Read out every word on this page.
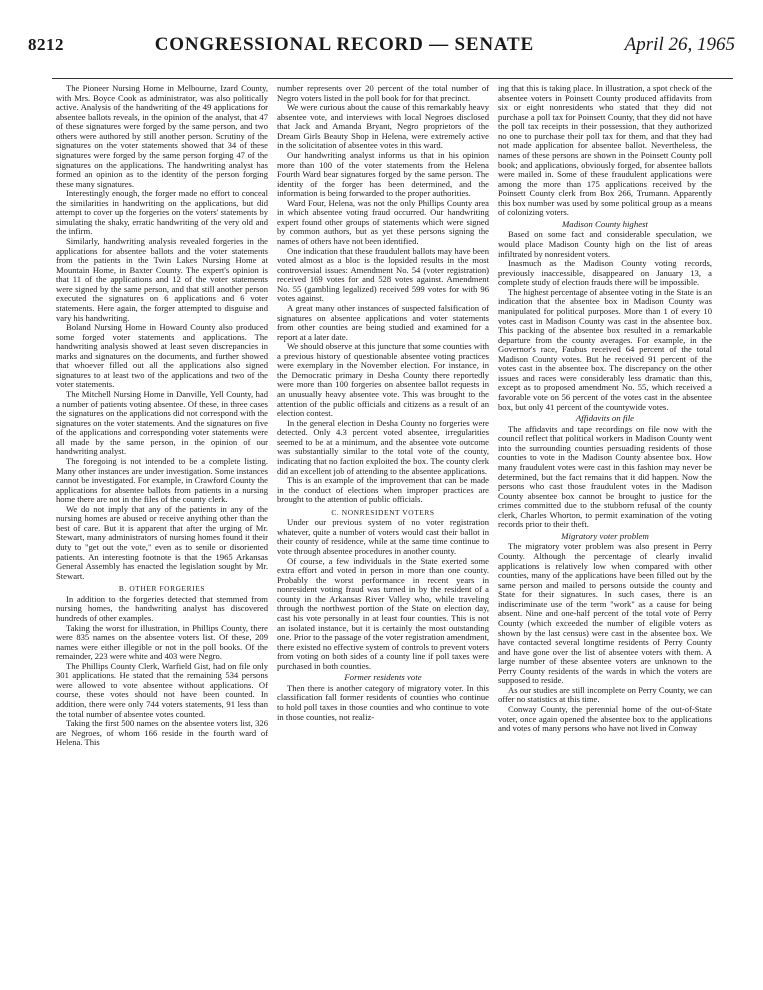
8212	CONGRESSIONAL RECORD — SENATE	April 26, 1965

The Pioneer Nursing Home in Melbourne, Izard County, with Mrs. Boyce Cook as administrator, was also politically active. Analysis of the handwriting of the 49 applications for absentee ballots reveals, in the opinion of the analyst, that 47 of these signatures were forged by the same person, and two others were authored by still another person. Scrutiny of the signatures on the voter statements showed that 34 of these signatures were forged by the same person forging 47 of the signatures on the applications. The handwriting analyst has formed an opinion as to the identity of the person forging these many signatures.

Interestingly enough, the forger made no effort to conceal the similarities in handwriting on the applications, but did attempt to cover up the forgeries on the voters' statements by simulating the shaky, erratic handwriting of the very old and the infirm.

Similarly, handwriting analysis revealed forgeries in the applications for absentee ballots and the voter statements from the patients in the Twin Lakes Nursing Home at Mountain Home, in Baxter County. The expert's opinion is that 11 of the applications and 12 of the voter statements were signed by the same person, and that still another person executed the signatures on 6 applications and 6 voter statements. Here again, the forger attempted to disguise and vary his handwriting.

Boland Nursing Home in Howard County also produced some forged voter statements and applications. The handwriting analysis showed at least seven discrepancies in marks and signatures on the documents, and further showed that whoever filled out all the applications also signed signatures to at least two of the applications and two of the voter statements.

The Mitchell Nursing Home in Danville, Yell County, had a number of patients voting absentee. Of these, in three cases the signatures on the applications did not correspond with the signatures on the voter statements. And the signatures on five of the applications and corresponding voter statements were all made by the same person, in the opinion of our handwriting analyst.

The foregoing is not intended to be a complete listing. Many other instances are under investigation. Some instances cannot be investigated. For example, in Crawford County the applications for absentee ballots from patients in a nursing home there are not in the files of the county clerk.

We do not imply that any of the patients in any of the nursing homes are abused or receive anything other than the best of care. But it is apparent that after the urging of Mr. Stewart, many administrators of nursing homes found it their duty to "get out the vote," even as to senile or disoriented patients. An interesting footnote is that the 1965 Arkansas General Assembly has enacted the legislation sought by Mr. Stewart.

B. OTHER FORGERIES

In addition to the forgeries detected that stemmed from nursing homes, the handwriting analyst has discovered hundreds of other examples.

Taking the worst for illustration, in Phillips County, there were 835 names on the absentee voters list. Of these, 209 names were either illegible or not in the poll books. Of the remainder, 223 were white and 403 were Negro.

The Phillips County Clerk, Warfield Gist, had on file only 301 applications. He stated that the remaining 534 persons were allowed to vote absentee without applications. Of course, these votes should not have been counted. In addition, there were only 744 voters statements, 91 less than the total number of absentee votes counted.

Taking the first 500 names on the absentee voters list, 326 are Negroes, of whom 166 reside in the fourth ward of Helena. This

number represents over 20 percent of the total number of Negro voters listed in the poll book for for that precinct.

We were curious about the cause of this remarkably heavy absentee vote, and interviews with local Negroes disclosed that Jack and Amanda Bryant, Negro proprietors of the Dream Girls Beauty Shop in Helena, were extremely active in the solicitation of absentee votes in this ward.

Our handwriting analyst informs us that in his opinion more than 100 of the voter statements from the Helena Fourth Ward bear signatures forged by the same person. The identity of the forger has been determined, and the information is being forwarded to the proper authorities.

Ward Four, Helena, was not the only Phillips County area in which absentee voting fraud occurred. Our handwriting expert found other groups of statements which were signed by common authors, but as yet these persons signing the names of others have not been identified.

One indication that these fraudulent ballots may have been voted almost as a bloc is the lopsided results in the most controversial issues: Amendment No. 54 (voter registration) received 169 votes for and 528 votes against. Amendment No. 55 (gambling legalized) received 599 votes for with 96 votes against.

A great many other instances of suspected falsification of signatures on absentee applications and voter statements from other counties are being studied and examined for a report at a later date.

We should observe at this juncture that some counties with a previous history of questionable absentee voting practices were exemplary in the November election. For instance, in the Democratic primary in Desha County there reportedly were more than 100 forgeries on absentee ballot requests in an unusually heavy absentee vote. This was brought to the attention of the public officials and citizens as a result of an election contest.

In the general election in Desha County no forgeries were detected. Only 4.3 percent voted absentee, irregularities seemed to be at a minimum, and the absentee vote outcome was substantially similar to the total vote of the county, indicating that no faction exploited the box. The county clerk did an excellent job of attending to the absentee applications.

This is an example of the improvement that can be made in the conduct of elections when improper practices are brought to the attention of public officials.

C. NONRESIDENT VOTERS

Under our previous system of no voter registration whatever, quite a number of voters would cast their ballot in their county of residence, while at the same time continue to vote through absentee procedures in another county.

Of course, a few individuals in the State exerted some extra effort and voted in person in more than one county. Probably the worst performance in recent years in nonresident voting fraud was turned in by the resident of a county in the Arkansas River Valley who, while traveling through the northwest portion of the State on election day, cast his vote personally in at least four counties. This is not an isolated instance, but it is certainly the most outstanding one. Prior to the passage of the voter registration amendment, there existed no effective system of controls to prevent voters from voting on both sides of a county line if poll taxes were purchased in both counties.

Former residents vote

Then there is another category of migratory voter. In this classification fall former residents of counties who continue to hold poll taxes in those counties and who continue to vote in those counties, not realiz-

ing that this is taking place. In illustration, a spot check of the absentee voters in Poinsett County produced affidavits from six or eight nonresidents who stated that they did not purchase a poll tax for Poinsett County, that they did not have the poll tax receipts in their possession, that they authorized no one to purchase their poll tax for them, and that they had not made application for absentee ballot. Nevertheless, the names of these persons are shown in the Poinsett County poll book; and applications, obviously forged, for absentee ballots were mailed in. Some of these fraudulent applications were among the more than 175 applications received by the Poinsett County clerk from Box 266, Trumann. Apparently this box number was used by some political group as a means of colonizing voters.

Madison County highest

Based on some fact and considerable speculation, we would place Madison County high on the list of areas infiltrated by nonresident voters.

Inasmuch as the Madison County voting records, previously inaccessible, disappeared on January 13, a complete study of election frauds there will be impossible.

The highest percentage of absentee voting in the State is an indication that the absentee box in Madison County was manipulated for political purposes. More than 1 of every 10 votes cast in Madison County was cast in the absentee box. This packing of the absentee box resulted in a remarkable departure from the county averages. For example, in the Governor's race, Faubus received 64 percent of the total Madison County votes. But he received 91 percent of the votes cast in the absentee box. The discrepancy on the other issues and races were considerably less dramatic than this, except as to proposed amendment No. 55, which received a favorable vote on 56 percent of the votes cast in the absentee box, but only 41 percent of the countywide votes.

Affidavits on file

The affidavits and tape recordings on file now with the council reflect that political workers in Madison County went into the surrounding counties persuading residents of those counties to vote in the Madison County absentee box. How many fraudulent votes were cast in this fashion may never be determined, but the fact remains that it did happen. Now the persons who cast those fraudulent votes in the Madison County absentee box cannot be brought to justice for the crimes committed due to the stubborn refusal of the county clerk, Charles Whorton, to permit examination of the voting records prior to their theft.

Migratory voter problem

The migratory voter problem was also present in Perry County. Although the percentage of clearly invalid applications is relatively low when compared with other counties, many of the applications have been filled out by the same person and mailed to persons outside the county and State for their signatures. In such cases, there is an indiscriminate use of the term "work" as a cause for being absent. Nine and one-half percent of the total vote of Perry County (which exceeded the number of eligible voters as shown by the last census) were cast in the absentee box. We have contacted several longtime residents of Perry County and have gone over the list of absentee voters with them. A large number of these absentee voters are unknown to the Perry County residents of the wards in which the voters are supposed to reside.

As our studies are still incomplete on Perry County, we can offer no statistics at this time.

Conway County, the perennial home of the out-of-State voter, once again opened the absentee box to the applications and votes of many persons who have not lived in Conway
